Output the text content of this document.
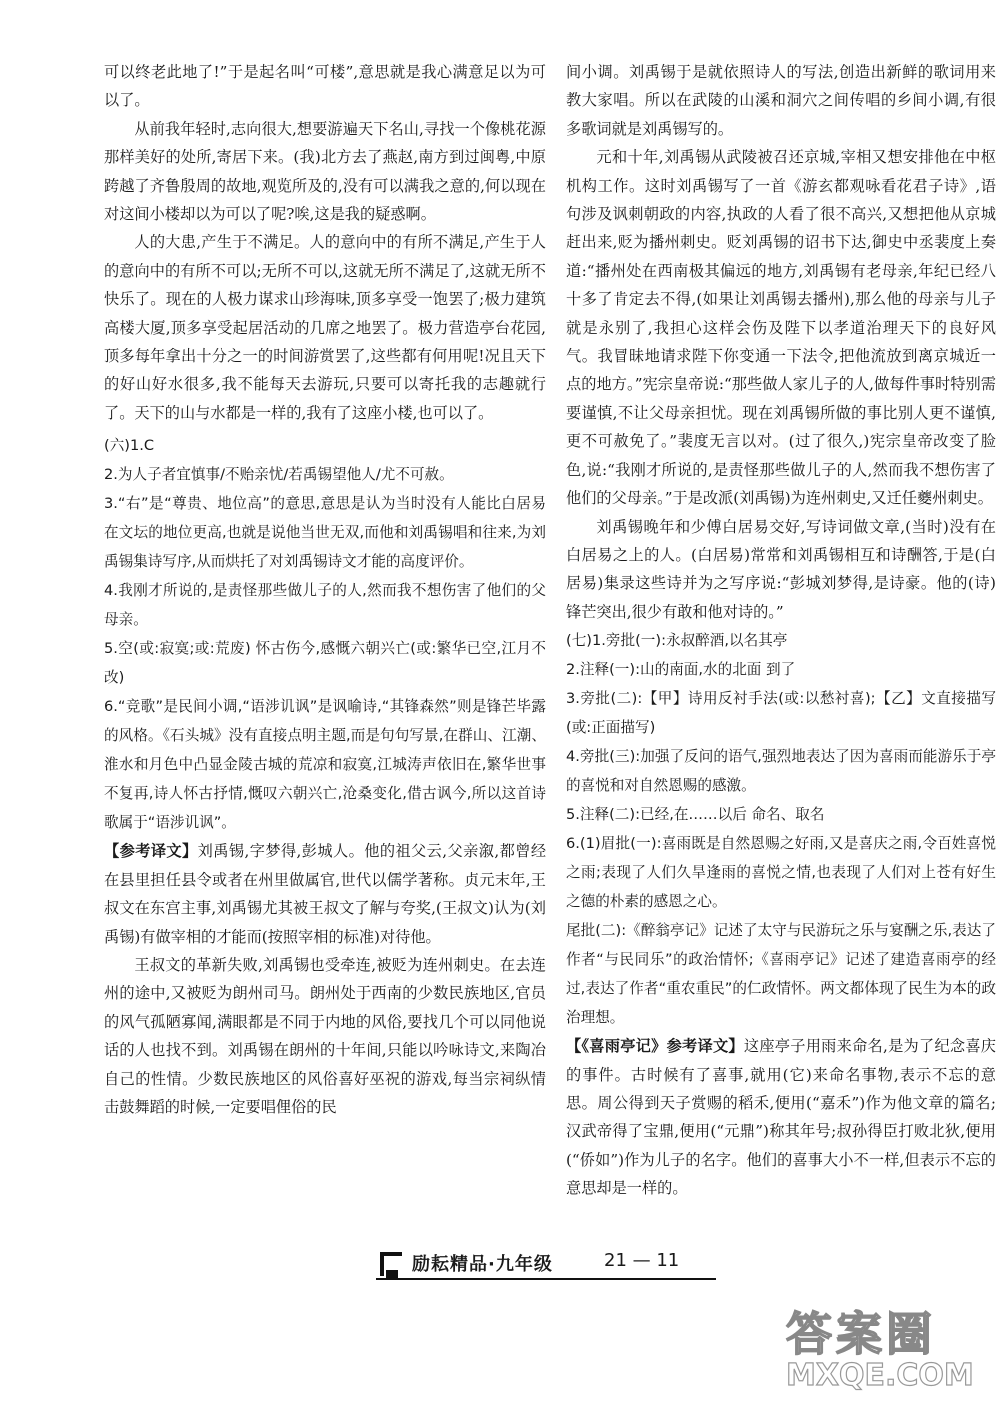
可以终老此地了!”于是起名叫“可楼”,意思就是我心满意足以为可以了。

从前我年轻时,志向很大,想要游遍天下名山,寻找一个像桃花源那样美好的处所,寄居下来。(我)北方去了燕赵,南方到过闽粤,中原跨越了齐鲁殷周的故地,观览所及的,没有可以满我之意的,何以现在对这间小楼却以为可以了呢?唉,这是我的疑惑啊。

人的大患,产生于不满足。人的意向中的有所不满足,产生于人的意向中的有所不可以;无所不可以,这就无所不满足了,这就无所不快乐了。现在的人极力谋求山珍海味,顶多享受一饱罢了;极力建筑高楼大厦,顶多享受起居活动的几席之地罢了。极力营造亭台花园,顶多每年拿出十分之一的时间游赏罢了,这些都有何用呢!况且天下的好山好水很多,我不能每天去游玩,只要可以寄托我的志趣就行了。天下的山与水都是一样的,我有了这座小楼,也可以了。

(六)1.C

2.为人子者宜慎事/不贻亲忧/若禹锡望他人/尤不可赦。

3.“右”是“尊贵、地位高”的意思,意思是认为当时没有人能比白居易在文坛的地位更高,也就是说他当世无双,而他和刘禹锡唱和往来,为刘禹锡集诗写序,从而烘托了对刘禹锡诗文才能的高度评价。

4.我刚才所说的,是责怪那些做儿子的人,然而我不想伤害了他们的父母亲。

5.空(或:寂寞;或:荒废) 怀古伤今,感慨六朝兴亡(或:繁华已空,江月不改)

6.“竞歌”是民间小调,“语涉讥讽”是讽喻诗,“其锋森然”则是锋芒毕露的风格。《石头城》没有直接点明主题,而是句句写景,在群山、江潮、淮水和月色中凸显金陵古城的荒凉和寂寞,江城涛声依旧在,繁华世事不复再,诗人怀古抒情,慨叹六朝兴亡,沧桑变化,借古讽今,所以这首诗歌属于“语涉讥讽”。

【参考译文】刘禹锡,字梦得,彭城人。他的祖父云,父亲溆,都曾经在县里担任县令或者在州里做属官,世代以儒学著称。贞元末年,王叔文在东宫主事,刘禹锡尤其被王叔文了解与夸奖,(王叔文)认为(刘禹锡)有做宰相的才能而(按照宰相的标准)对待他。

王叔文的革新失败,刘禹锡也受牵连,被贬为连州刺史。在去连州的途中,又被贬为朗州司马。朗州处于西南的少数民族地区,官员的风气孤陋寡闻,满眼都是不同于内地的风俗,要找几个可以同他说话的人也找不到。刘禹锡在朗州的十年间,只能以吟咏诗文,来陶冶自己的性情。少数民族地区的风俗喜好巫祝的游戏,每当宗祠纵情击鼓舞蹈的时候,一定要唱俚俗的民

间小调。刘禹锡于是就依照诗人的写法,创造出新鲜的歌词用来教大家唱。所以在武陵的山溪和洞穴之间传唱的乡间小调,有很多歌词就是刘禹锡写的。

元和十年,刘禹锡从武陵被召还京城,宰相又想安排他在中枢机构工作。这时刘禹锡写了一首《游玄都观咏看花君子诗》,语句涉及讽刺朝政的内容,执政的人看了很不高兴,又想把他从京城赶出来,贬为播州刺史。贬刘禹锡的诏书下达,御史中丞裴度上奏道:“播州处在西南极其偏远的地方,刘禹锡有老母亲,年纪已经八十多了肯定去不得,(如果让刘禹锡去播州),那么他的母亲与儿子就是永别了,我担心这样会伤及陛下以孝道治理天下的良好风气。我冒昧地请求陛下你变通一下法令,把他流放到离京城近一点的地方。”宪宗皇帝说:“那些做人家儿子的人,做每件事时特别需要谨慎,不让父母亲担忧。现在刘禹锡所做的事比别人更不谨慎,更不可赦免了。”裴度无言以对。(过了很久,)宪宗皇帝改变了脸色,说:“我刚才所说的,是责怪那些做儿子的人,然而我不想伤害了他们的父母亲。”于是改派(刘禹锡)为连州刺史,又迁任夔州刺史。

刘禹锡晚年和少傅白居易交好,写诗词做文章,(当时)没有在白居易之上的人。(白居易)常常和刘禹锡相互和诗酬答,于是(白居易)集录这些诗并为之写序说:“彭城刘梦得,是诗豪。他的(诗)锋芒突出,很少有敢和他对诗的。”

(七)1.旁批(一):永叔醉酒,以名其亭

2.注释(一):山的南面,水的北面 到了

3.旁批(二):【甲】诗用反衬手法(或:以愁衬喜);【乙】文直接描写(或:正面描写)

4.旁批(三):加强了反问的语气,强烈地表达了因为喜雨而能游乐于亭的喜悦和对自然恩赐的感激。

5.注释(二):已经,在……以后 命名、取名

6.(1)眉批(一):喜雨既是自然恩赐之好雨,又是喜庆之雨,令百姓喜悦之雨;表现了人们久旱逢雨的喜悦之情,也表现了人们对上苍有好生之德的朴素的感恩之心。

尾批(二):《醉翁亭记》记述了太守与民游玩之乐与宴酬之乐,表达了作者“与民同乐”的政治情怀;《喜雨亭记》记述了建造喜雨亭的经过,表达了作者“重农重民”的仁政情怀。两文都体现了民生为本的政治理想。

【《喜雨亭记》参考译文】这座亭子用雨来命名,是为了纪念喜庆的事件。古时候有了喜事,就用(它)来命名事物,表示不忘的意思。周公得到天子赏赐的稻禾,便用(“嘉禾”)作为他文章的篇名;汉武帝得了宝鼎,便用(“元鼎”)称其年号;叔孙得臣打败北狄,便用(“侨如”)作为儿子的名字。他们的喜事大小不一样,但表示不忘的意思却是一样的。

励耘精品·九年级	21 — 11
答案圈
MXQE.COM
